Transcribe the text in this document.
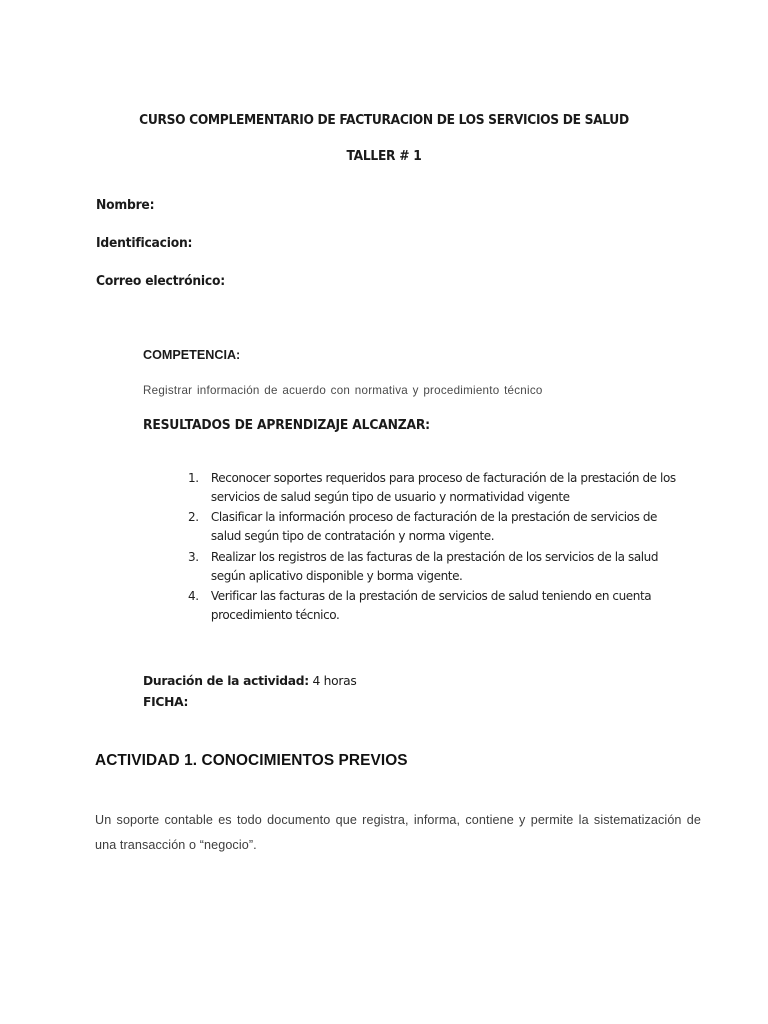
CURSO COMPLEMENTARIO DE FACTURACION DE LOS SERVICIOS DE SALUD
TALLER # 1
Nombre:
Identificacion:
Correo electrónico:
COMPETENCIA:
Registrar información de acuerdo con normativa y procedimiento técnico
RESULTADOS DE APRENDIZAJE ALCANZAR:
1. Reconocer soportes requeridos para proceso de facturación de la prestación de los servicios de salud según tipo de usuario y normatividad vigente
2. Clasificar la información proceso de facturación de la prestación de servicios de salud según tipo de contratación y norma vigente.
3. Realizar los registros de las facturas de la prestación de los servicios de la salud según aplicativo disponible y borma vigente.
4. Verificar las facturas de la prestación de servicios de salud teniendo en cuenta procedimiento técnico.
Duración de la actividad: 4 horas
FICHA:
ACTIVIDAD 1. CONOCIMIENTOS PREVIOS
Un soporte contable es todo documento que registra, informa, contiene y permite la sistematización de una transacción o “negocio”.
